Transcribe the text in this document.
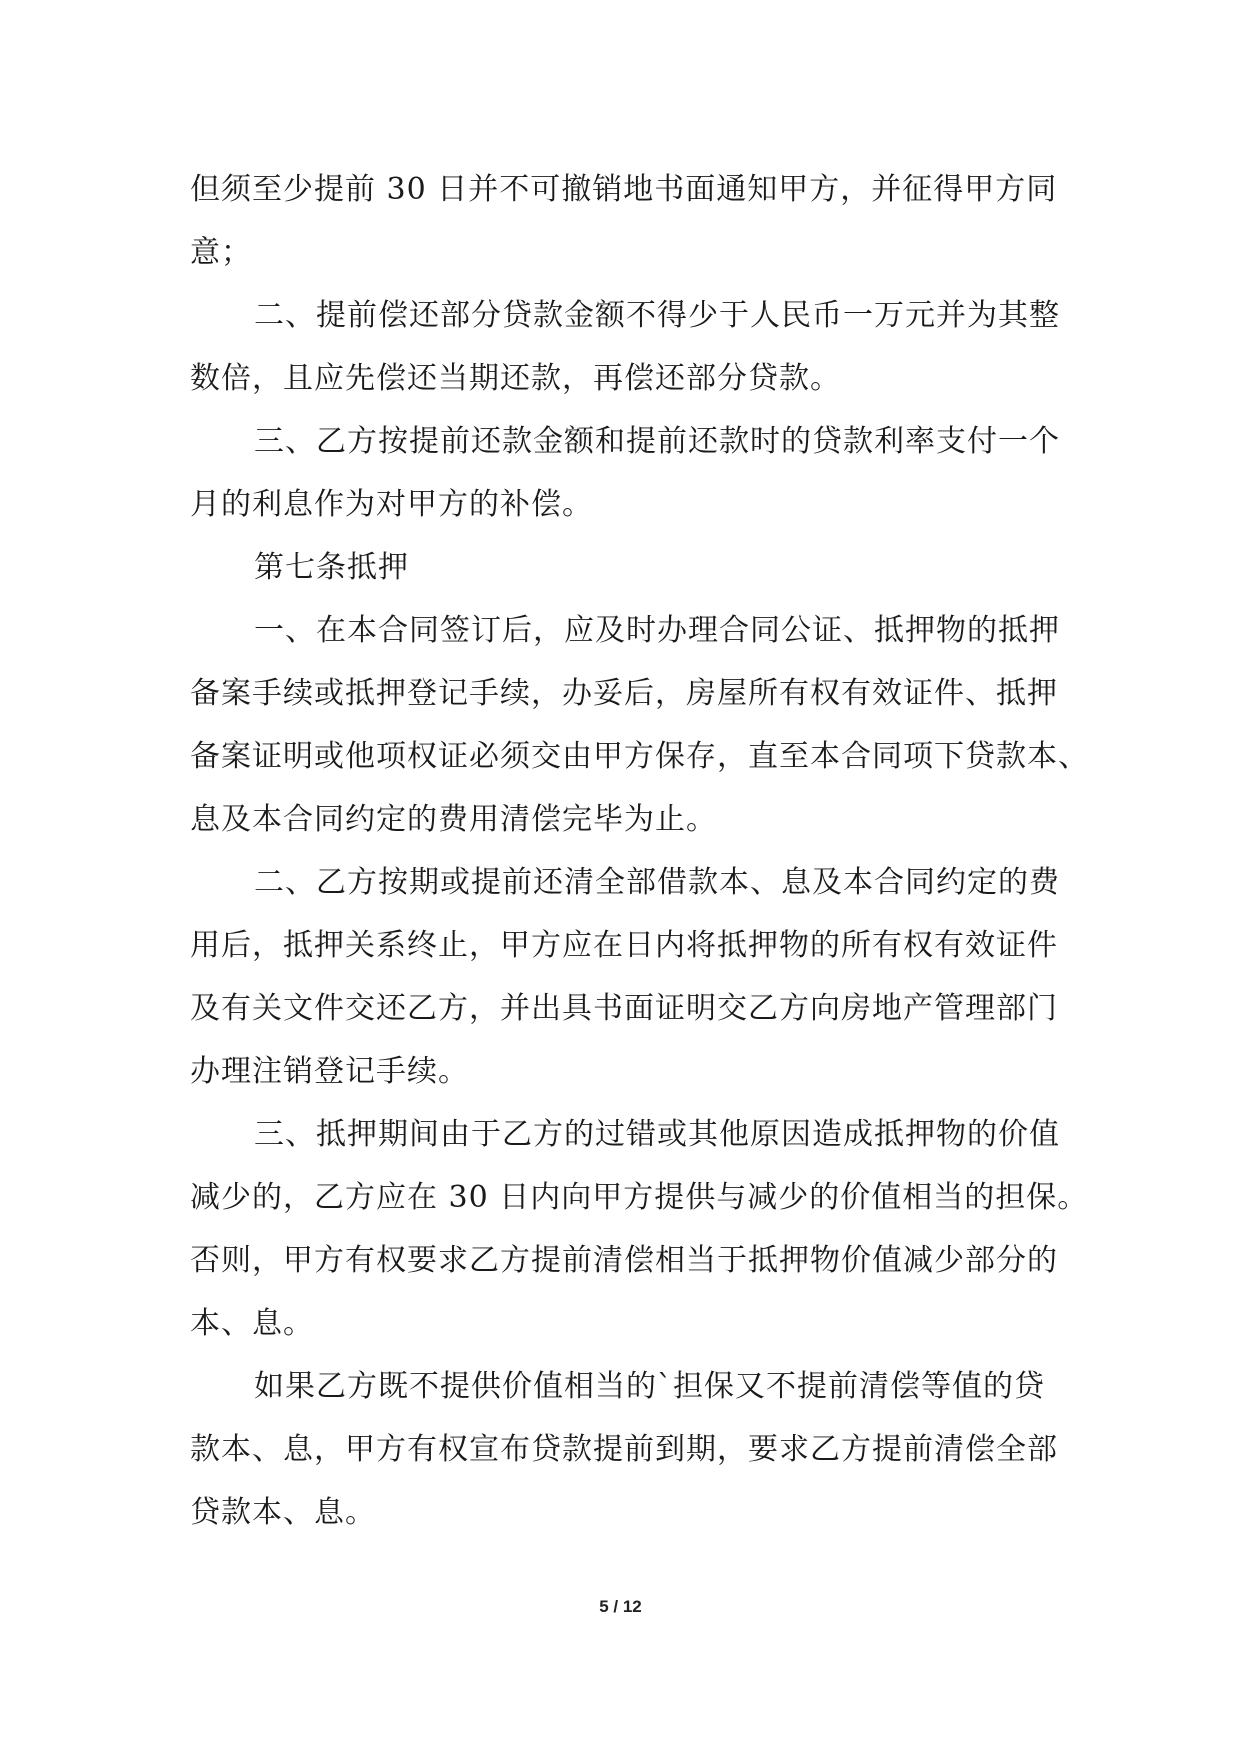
但须至少提前 30 日并不可撤销地书面通知甲方，并征得甲方同
意；
二、提前偿还部分贷款金额不得少于人民币一万元并为其整
数倍，且应先偿还当期还款，再偿还部分贷款。
三、乙方按提前还款金额和提前还款时的贷款利率支付一个
月的利息作为对甲方的补偿。
第七条抵押
一、在本合同签订后，应及时办理合同公证、抵押物的抵押
备案手续或抵押登记手续，办妥后，房屋所有权有效证件、抵押
备案证明或他项权证必须交由甲方保存，直至本合同项下贷款本、
息及本合同约定的费用清偿完毕为止。
二、乙方按期或提前还清全部借款本、息及本合同约定的费
用后，抵押关系终止，甲方应在日内将抵押物的所有权有效证件
及有关文件交还乙方，并出具书面证明交乙方向房地产管理部门
办理注销登记手续。
三、抵押期间由于乙方的过错或其他原因造成抵押物的价值
减少的，乙方应在 30 日内向甲方提供与减少的价值相当的担保。
否则，甲方有权要求乙方提前清偿相当于抵押物价值减少部分的
本、息。
如果乙方既不提供价值相当的`担保又不提前清偿等值的贷
款本、息，甲方有权宣布贷款提前到期，要求乙方提前清偿全部
贷款本、息。
5 / 12
